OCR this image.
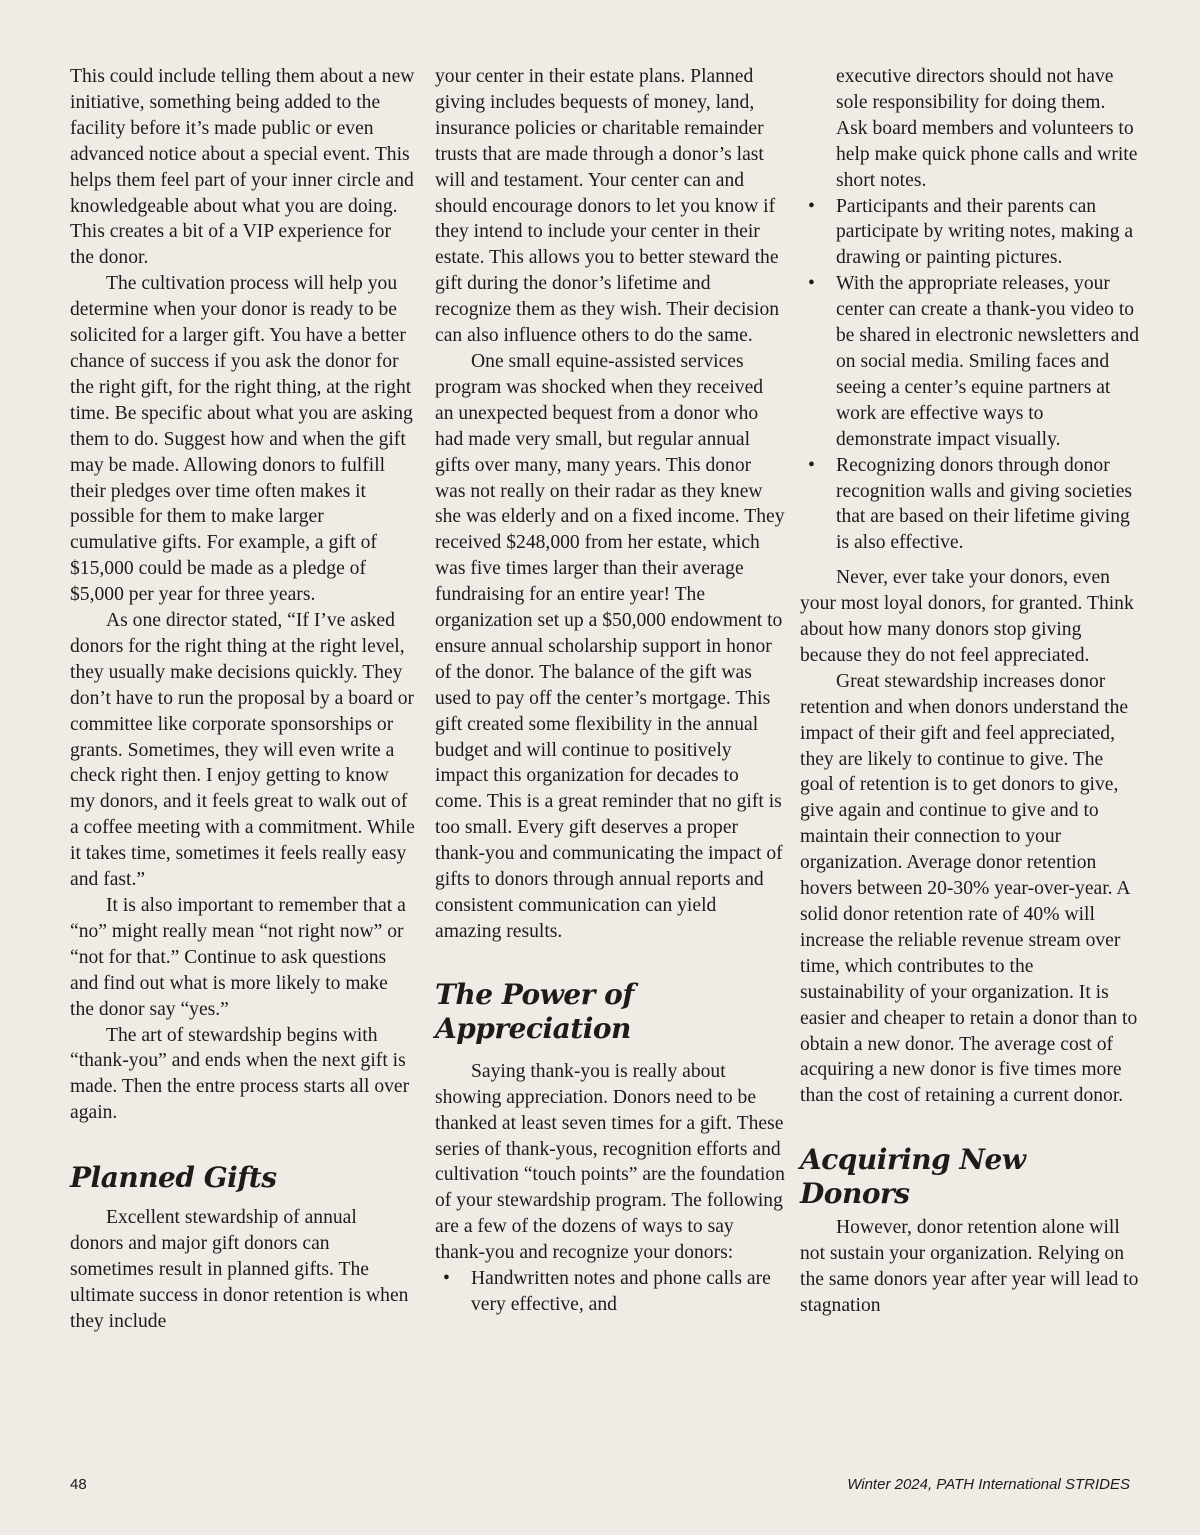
This could include telling them about a new initiative, something being added to the facility before it’s made public or even advanced notice about a special event. This helps them feel part of your inner circle and knowledgeable about what you are doing. This creates a bit of a VIP experience for the donor.

The cultivation process will help you determine when your donor is ready to be solicited for a larger gift. You have a better chance of success if you ask the donor for the right gift, for the right thing, at the right time. Be specific about what you are asking them to do. Suggest how and when the gift may be made. Allowing donors to fulfill their pledges over time often makes it possible for them to make larger cumulative gifts. For example, a gift of $15,000 could be made as a pledge of $5,000 per year for three years.

As one director stated, “If I’ve asked donors for the right thing at the right level, they usually make decisions quickly. They don’t have to run the proposal by a board or committee like corporate sponsorships or grants. Sometimes, they will even write a check right then. I enjoy getting to know my donors, and it feels great to walk out of a coffee meeting with a commitment. While it takes time, sometimes it feels really easy and fast.”

It is also important to remember that a “no” might really mean “not right now” or “not for that.” Continue to ask questions and find out what is more likely to make the donor say “yes.”

The art of stewardship begins with “thank-you” and ends when the next gift is made. Then the entre process starts all over again.

Planned Gifts

Excellent stewardship of annual donors and major gift donors can sometimes result in planned gifts. The ultimate success in donor retention is when they include

your center in their estate plans. Planned giving includes bequests of money, land, insurance policies or charitable remainder trusts that are made through a donor’s last will and testament. Your center can and should encourage donors to let you know if they intend to include your center in their estate. This allows you to better steward the gift during the donor’s lifetime and recognize them as they wish. Their decision can also influence others to do the same.

One small equine-assisted services program was shocked when they received an unexpected bequest from a donor who had made very small, but regular annual gifts over many, many years. This donor was not really on their radar as they knew she was elderly and on a fixed income. They received $248,000 from her estate, which was five times larger than their average fundraising for an entire year! The organization set up a $50,000 endowment to ensure annual scholarship support in honor of the donor. The balance of the gift was used to pay off the center’s mortgage. This gift created some flexibility in the annual budget and will continue to positively impact this organization for decades to come. This is a great reminder that no gift is too small. Every gift deserves a proper thank-you and communicating the impact of gifts to donors through annual reports and consistent communication can yield amazing results.

The Power of Appreciation

Saying thank-you is really about showing appreciation. Donors need to be thanked at least seven times for a gift. These series of thank-yous, recognition efforts and cultivation “touch points” are the foundation of your stewardship program. The following are a few of the dozens of ways to say thank-you and recognize your donors:

• Handwritten notes and phone calls are very effective, and
executive directors should not have sole responsibility for doing them. Ask board members and volunteers to help make quick phone calls and write short notes.
• Participants and their parents can participate by writing notes, making a drawing or painting pictures.
• With the appropriate releases, your center can create a thank-you video to be shared in electronic newsletters and on social media. Smiling faces and seeing a center’s equine partners at work are effective ways to demonstrate impact visually.
• Recognizing donors through donor recognition walls and giving societies that are based on their lifetime giving is also effective.

Never, ever take your donors, even your most loyal donors, for granted. Think about how many donors stop giving because they do not feel appreciated.

Great stewardship increases donor retention and when donors understand the impact of their gift and feel appreciated, they are likely to continue to give. The goal of retention is to get donors to give, give again and continue to give and to maintain their connection to your organization. Average donor retention hovers between 20-30% year-over-year. A solid donor retention rate of 40% will increase the reliable revenue stream over time, which contributes to the sustainability of your organization. It is easier and cheaper to retain a donor than to obtain a new donor. The average cost of acquiring a new donor is five times more than the cost of retaining a current donor.

Acquiring New Donors

However, donor retention alone will not sustain your organization. Relying on the same donors year after year will lead to stagnation

48	Winter 2024, PATH International STRIDES
